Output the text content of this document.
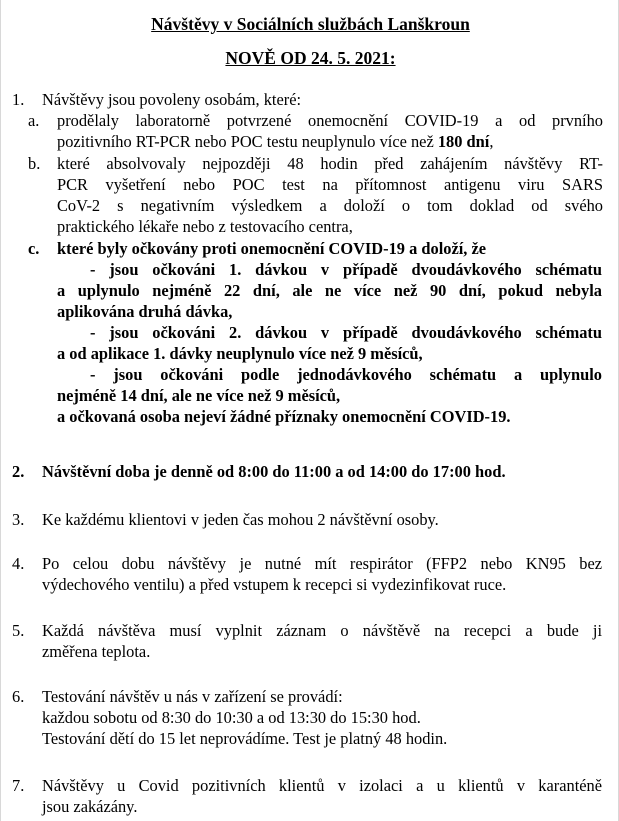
Návštěvy v Sociálních službách Lanškroun
NOVĚ OD 24. 5. 2021:
1. Návštěvy jsou povoleny osobám, které:
a. prodělaly laboratorně potvrzené onemocnění COVID-19 a od prvního
pozitivního RT-PCR nebo POC testu neuplynulo více než 180 dní,
b. které absolvovaly nejpozději 48 hodin před zahájením návštěvy RT-
PCR vyšetření nebo POC test na přítomnost antigenu viru SARS
CoV-2 s negativním výsledkem a doloží o tom doklad od svého
praktického lékaře nebo z testovacího centra,
c. které byly očkovány proti onemocnění COVID-19 a doloží, že
- jsou očkováni 1. dávkou v případě dvoudávkového schématu
a uplynulo nejméně 22 dní, ale ne více než 90 dní, pokud nebyla
aplikována druhá dávka,
- jsou očkováni 2. dávkou v případě dvoudávkového schématu
a od aplikace 1. dávky neuplynulo více než 9 měsíců,
- jsou očkováni podle jednodávkového schématu a uplynulo
nejméně 14 dní, ale ne více než 9 měsíců,
a očkovaná osoba nejeví žádné příznaky onemocnění COVID-19.
2. Návštěvní doba je denně od 8:00 do 11:00 a od 14:00 do 17:00 hod.
3. Ke každému klientovi v jeden čas mohou 2 návštěvní osoby.
4. Po celou dobu návštěvy je nutné mít respirátor (FFP2 nebo KN95 bez
výdechového ventilu) a před vstupem k recepci si vydezinfikovat ruce.
5. Každá návštěva musí vyplnit záznam o návštěvě na recepci a bude ji
změřena teplota.
6. Testování návštěv u nás v zařízení se provádí:
každou sobotu od 8:30 do 10:30 a od 13:30 do 15:30 hod.
Testování dětí do 15 let neprovádíme. Test je platný 48 hodin.
7. Návštěvy u Covid pozitivních klientů v izolaci a u klientů v karanténě
jsou zakázány.
